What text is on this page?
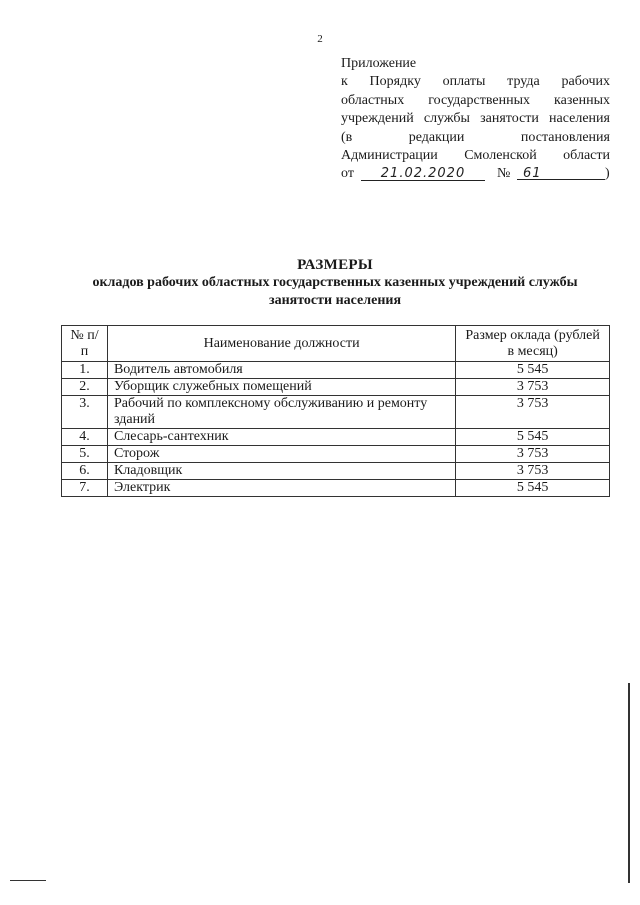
2
Приложение
к Порядку оплаты труда рабочих
областных государственных казенных
учреждений службы занятости населения
(в редакции постановления
Администрации Смоленской области
от	21.02.2020	№ 61	)
РАЗМЕРЫ
окладов рабочих областных государственных казенных учреждений службы занятости населения
№ п/п	Наименование должности	Размер оклада (рублей в месяц)
1.	Водитель автомобиля	5 545
2.	Уборщик служебных помещений	3 753
3.	Рабочий по комплексному обслуживанию и ремонту зданий	3 753
4.	Слесарь-сантехник	5 545
5.	Сторож	3 753
6.	Кладовщик	3 753
7.	Электрик	5 545
